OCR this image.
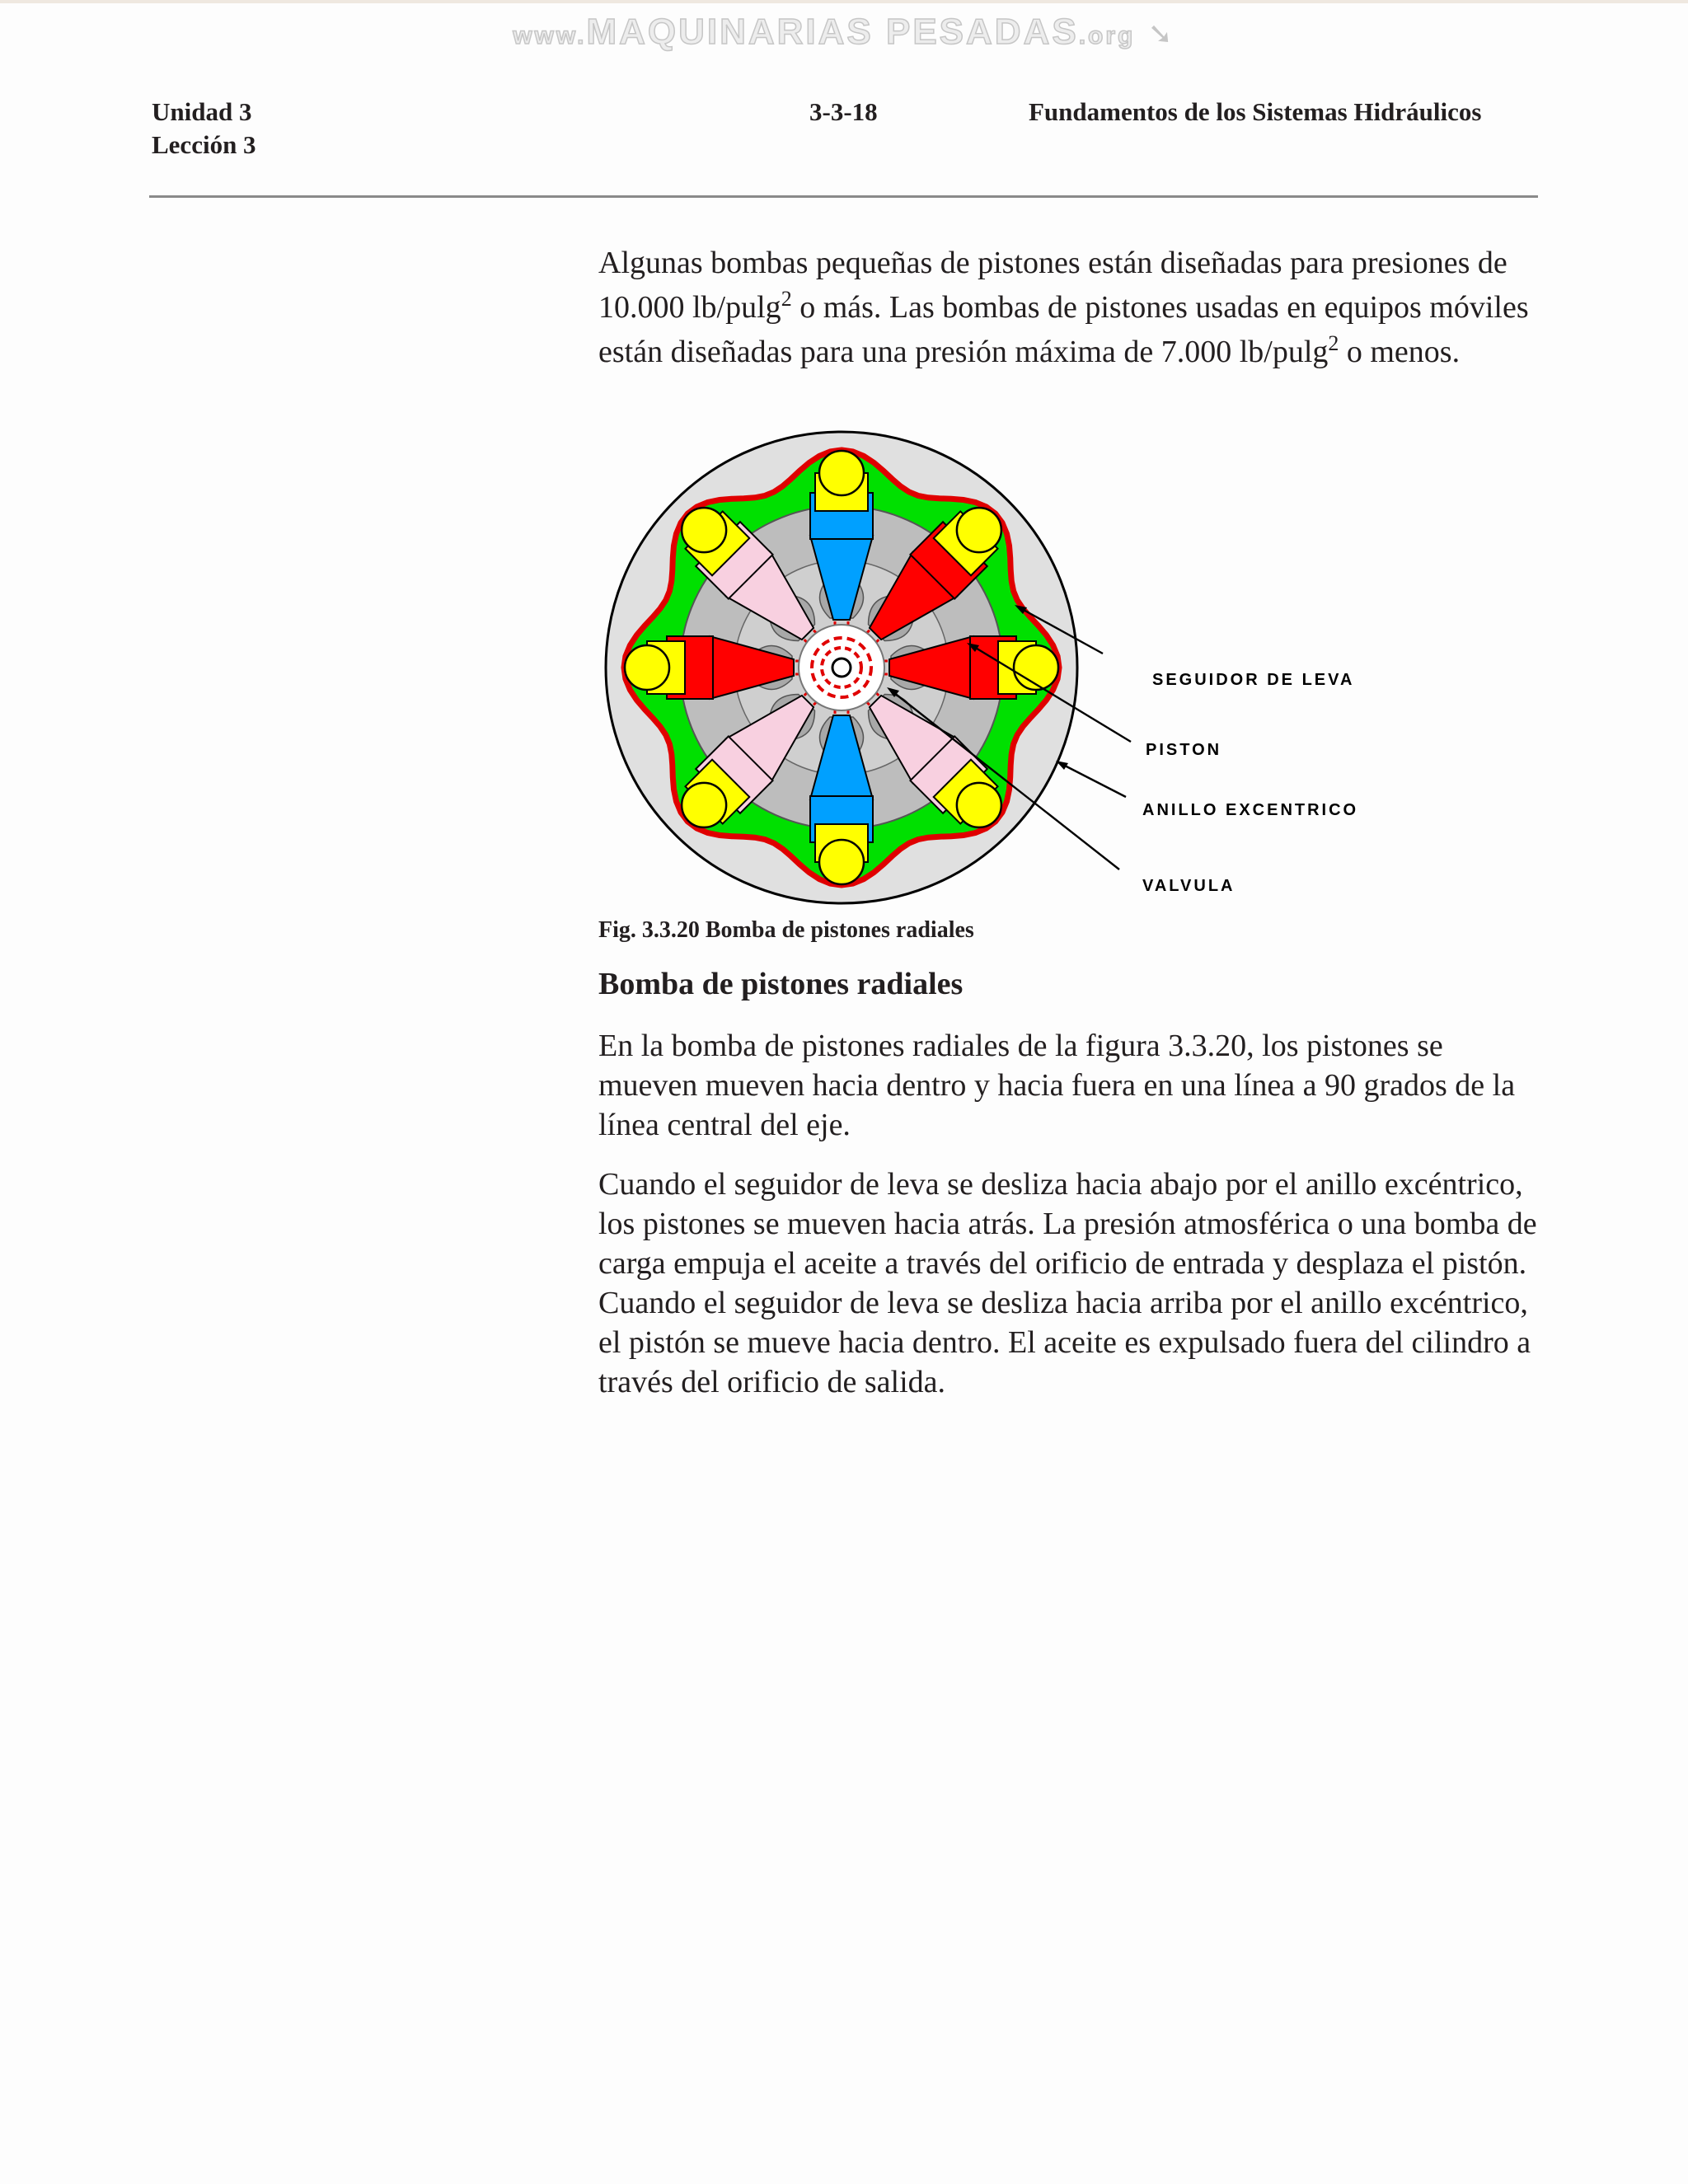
www.MAQUINARIAS PESADAS.org ➘
Unidad 3
Lección 3
3-3-18	Fundamentos de los Sistemas Hidráulicos

Algunas bombas pequeñas de pistones están diseñadas para presiones de 10.000 lb/pulg$^2$ o más. Las bombas de pistones usadas en equipos móviles están diseñadas para una presión máxima de 7.000 lb/pulg$^2$ o menos.

SEGUIDOR DE LEVA
PISTON
ANILLO EXCENTRICO
VALVULA
Fig. 3.3.20 Bomba de pistones radiales
Bomba de pistones radiales

En la bomba de pistones radiales de la figura 3.3.20, los pistones se mueven mueven hacia dentro y hacia fuera en una línea a 90 grados de la línea central del eje.

Cuando el seguidor de leva se desliza hacia abajo por el anillo excéntrico, los pistones se mueven hacia atrás. La presión atmosférica o una bomba de carga empuja el aceite a través del orificio de entrada y desplaza el pistón. Cuando el seguidor de leva se desliza hacia arriba por el anillo excéntrico, el pistón se mueve hacia dentro. El aceite es expulsado fuera del cilindro a través del orificio de salida.
